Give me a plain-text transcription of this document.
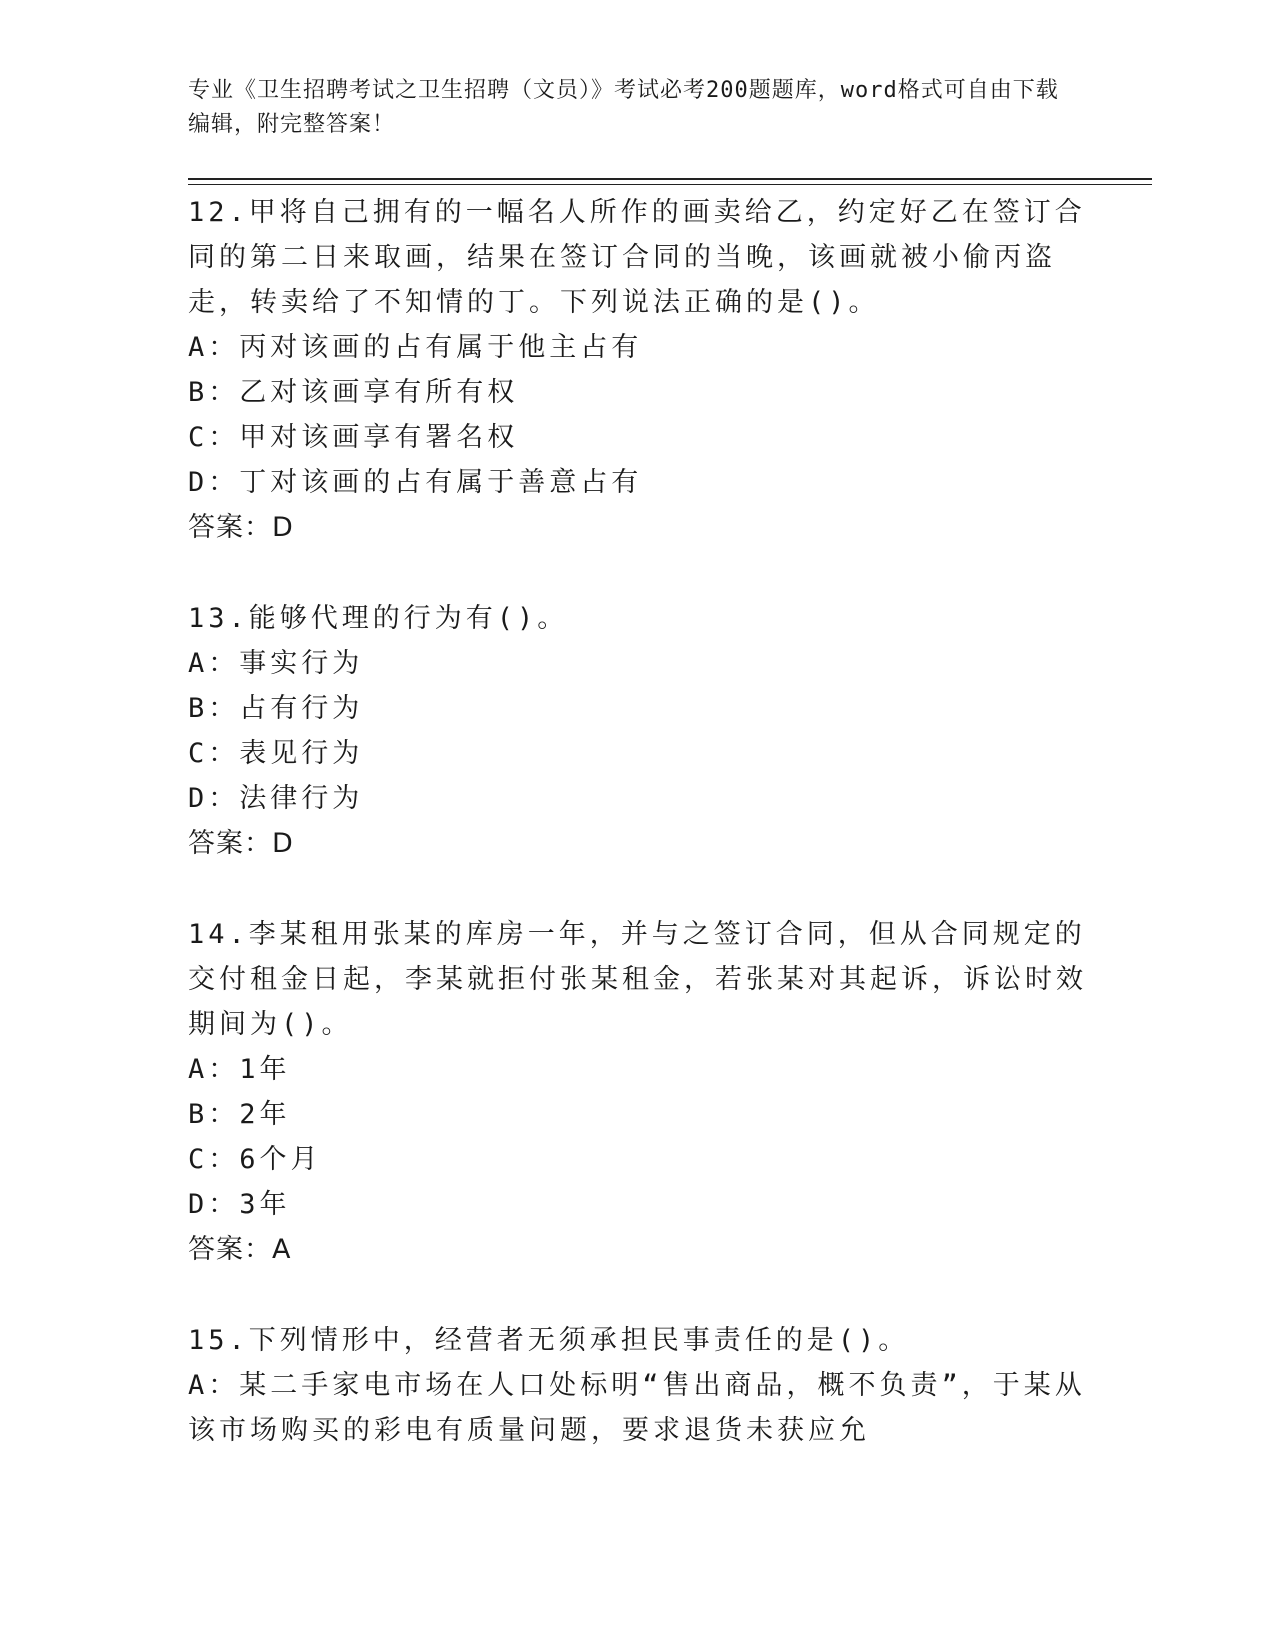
专业《卫生招聘考试之卫生招聘（文员）》考试必考200题题库，word格式可自由下载编辑，附完整答案！

12.甲将自己拥有的一幅名人所作的画卖给乙，约定好乙在签订合同的第二日来取画，结果在签订合同的当晚，该画就被小偷丙盗走，转卖给了不知情的丁。下列说法正确的是()。

A：丙对该画的占有属于他主占有

B：乙对该画享有所有权

C：甲对该画享有署名权

D：丁对该画的占有属于善意占有

答案：D

13.能够代理的行为有()。

A：事实行为

B：占有行为

C：表见行为

D：法律行为

答案：D

14.李某租用张某的库房一年，并与之签订合同，但从合同规定的交付租金日起，李某就拒付张某租金，若张某对其起诉，诉讼时效期间为()。

A：1年

B：2年

C：6个月

D：3年

答案：A

15.下列情形中，经营者无须承担民事责任的是()。

A：某二手家电市场在人口处标明“售出商品，概不负责”，于某从该市场购买的彩电有质量问题，要求退货未获应允
